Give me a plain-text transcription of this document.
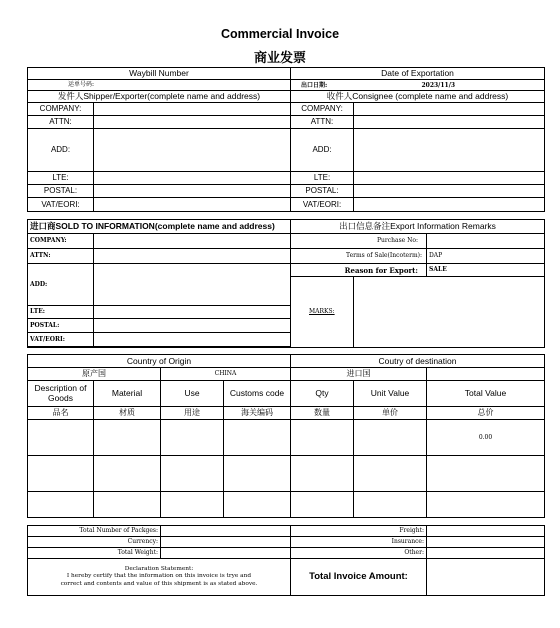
Commercial Invoice
商业发票
Waybill Number		Date of Exportation	
运单号码:		出口日期: 2023/11/3	
发件人Shipper/Exporter(complete name and address)		收件人Consignee (complete name and address)	
COMPANY:		COMPANY:	
ATTN:		ATTN:	
ADD:		ADD:	
LTE:		LTE:	
POSTAL:		POSTAL:	
VAT/EORI:		VAT/EORI:	
进口商SOLD TO INFORMATION(complete name and address)		出口信息备注Export Information Remarks		
COMPANY:		Purchase No:		
ATTN:		Terms of Sale(Incoterm):		DAP
ADD:		Reason for Export:		SALE
		MARKS:		
LTE:				
POSTAL:				
VAT/EORI:				

Country of Origin				Coutry of destination		
原产国		CHINA		进口国		
Description of Goods	Material	Use	Customs code	Qty	Unit Value	Total Value
品名	材质	用途	海关编码	数量	单价	总价
						0.00

Total Number of Packges:		Freight:	
Currency:		Insurance:	
Total Weight:		Other:	

Declaration Statement:
I hereby certify that the information on this invoice is trye and
correct and contents and value of this shipment is as stated above.		Total Invoice Amount:	
